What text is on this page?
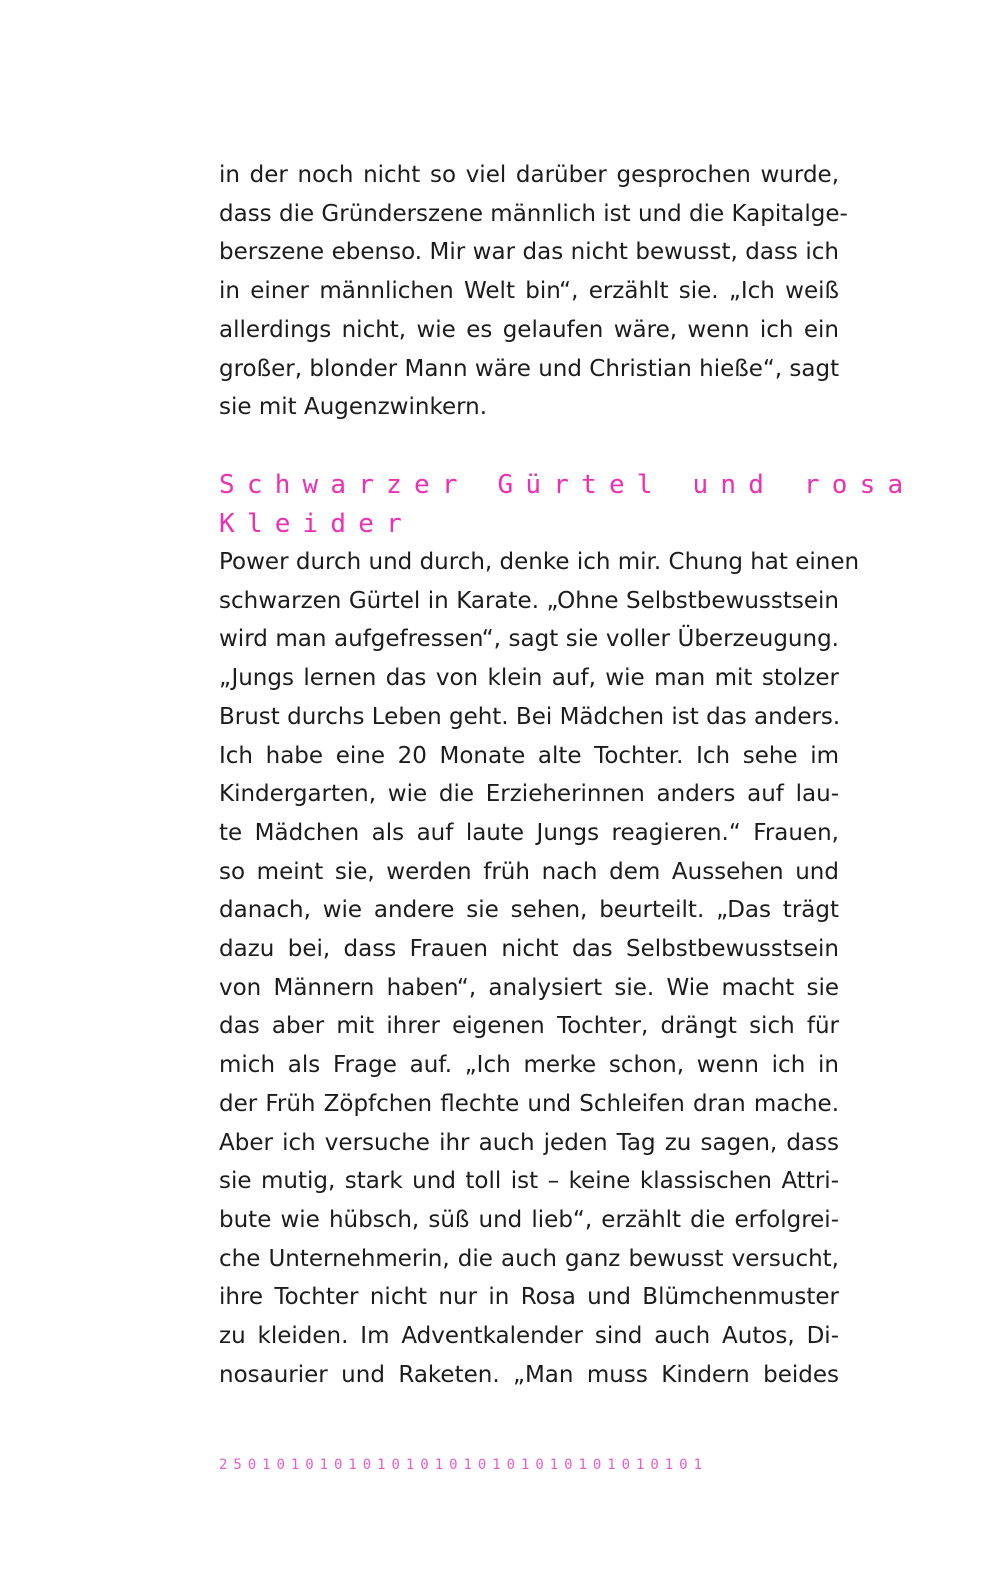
in der noch nicht so viel darüber gesprochen wurde,
dass die Gründerszene männlich ist und die Kapitalge-
berszene ebenso. Mir war das nicht bewusst, dass ich
in einer männlichen Welt bin“, erzählt sie. „Ich weiß
allerdings nicht, wie es gelaufen wäre, wenn ich ein
großer, blonder Mann wäre und Christian hieße“, sagt
sie mit Augenzwinkern.
Schwarzer Gürtel und rosa
Kleider
Power durch und durch, denke ich mir. Chung hat einen
schwarzen Gürtel in Karate. „Ohne Selbstbewusstsein
wird man aufgefressen“, sagt sie voller Überzeugung.
„Jungs lernen das von klein auf, wie man mit stolzer
Brust durchs Leben geht. Bei Mädchen ist das anders.
Ich habe eine 20 Monate alte Tochter. Ich sehe im
Kindergarten, wie die Erzieherinnen anders auf lau-
te Mädchen als auf laute Jungs reagieren.“ Frauen,
so meint sie, werden früh nach dem Aussehen und
danach, wie andere sie sehen, beurteilt. „Das trägt
dazu bei, dass Frauen nicht das Selbstbewusstsein
von Männern haben“, analysiert sie. Wie macht sie
das aber mit ihrer eigenen Tochter, drängt sich für
mich als Frage auf. „Ich merke schon, wenn ich in
der Früh Zöpfchen flechte und Schleifen dran mache.
Aber ich versuche ihr auch jeden Tag zu sagen, dass
sie mutig, stark und toll ist – keine klassischen Attri-
bute wie hübsch, süß und lieb“, erzählt die erfolgrei-
che Unternehmerin, die auch ganz bewusst versucht,
ihre Tochter nicht nur in Rosa und Blümchenmuster
zu kleiden. Im Adventkalender sind auch Autos, Di-
nosaurier und Raketen. „Man muss Kindern beides
2501010101010101010101010101010101
